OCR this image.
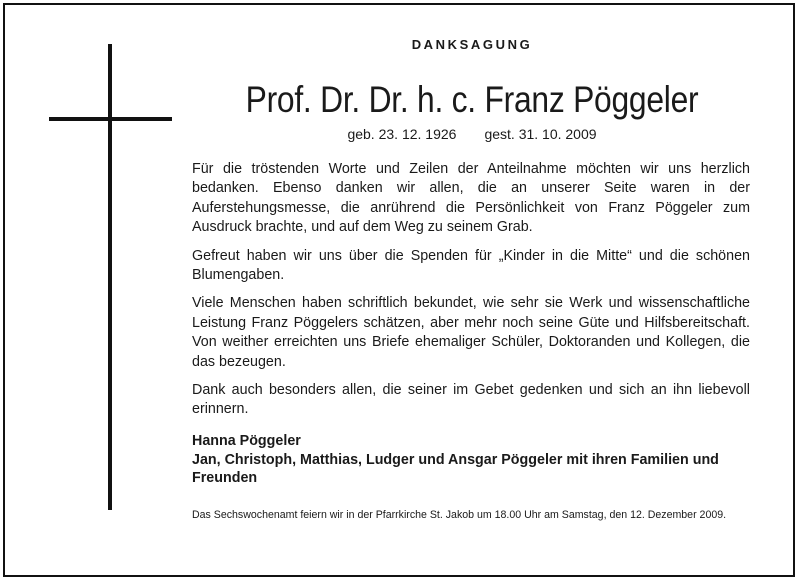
DANKSAGUNG
Prof. Dr. Dr. h. c. Franz Pöggeler
geb. 23. 12. 1926 gest. 31. 10. 2009

Für die tröstenden Worte und Zeilen der Anteilnahme möchten wir uns herzlich bedanken. Ebenso danken wir allen, die an unserer Seite waren in der Auferstehungsmesse, die anrührend die Persönlichkeit von Franz Pöggeler zum Ausdruck brachte, und auf dem Weg zu seinem Grab.

Gefreut haben wir uns über die Spenden für „Kinder in die Mitte“ und die schönen Blumengaben.

Viele Menschen haben schriftlich bekundet, wie sehr sie Werk und wissenschaftliche Leistung Franz Pöggelers schätzen, aber mehr noch seine Güte und Hilfsbereitschaft. Von weither erreichten uns Briefe ehemaliger Schüler, Doktoranden und Kollegen, die das bezeugen.

Dank auch besonders allen, die seiner im Gebet gedenken und sich an ihn liebevoll erinnern.

Hanna Pöggeler
Jan, Christoph, Matthias, Ludger und Ansgar Pöggeler mit ihren Familien und Freunden
Das Sechswochenamt feiern wir in der Pfarrkirche St. Jakob um 18.00 Uhr am Samstag, den 12. Dezember 2009.
